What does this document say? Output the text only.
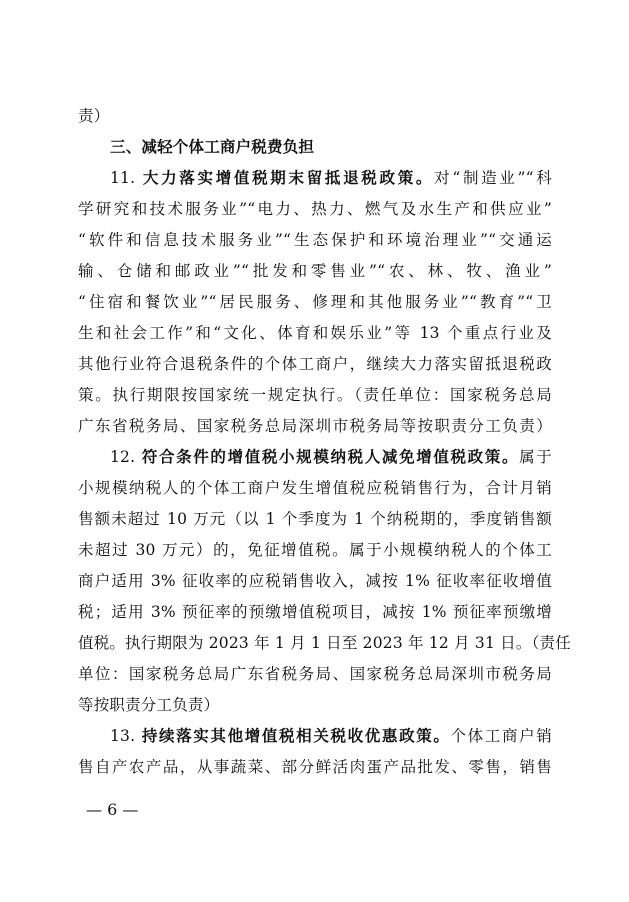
责）
三、减轻个体工商户税费负担
11. 大力落实增值税期末留抵退税政策。对“制造业”“科
学研究和技术服务业”“电力、热力、燃气及水生产和供应业”
“软件和信息技术服务业”“生态保护和环境治理业”“交通运
输、仓储和邮政业”“批发和零售业”“农、林、牧、渔业”
“住宿和餐饮业”“居民服务、修理和其他服务业”“教育”“卫
生和社会工作”和“文化、体育和娱乐业”等 13 个重点行业及
其他行业符合退税条件的个体工商户，继续大力落实留抵退税政
策。执行期限按国家统一规定执行。（责任单位：国家税务总局
广东省税务局、国家税务总局深圳市税务局等按职责分工负责）
12. 符合条件的增值税小规模纳税人减免增值税政策。属于
小规模纳税人的个体工商户发生增值税应税销售行为，合计月销
售额未超过 10 万元（以 1 个季度为 1 个纳税期的，季度销售额
未超过 30 万元）的，免征增值税。属于小规模纳税人的个体工
商户适用 3% 征收率的应税销售收入，减按 1% 征收率征收增值
税；适用 3% 预征率的预缴增值税项目，减按 1% 预征率预缴增
值税。执行期限为 2023 年 1 月 1 日至 2023 年 12 月 31 日。（责任
单位：国家税务总局广东省税务局、国家税务总局深圳市税务局
等按职责分工负责）
13. 持续落实其他增值税相关税收优惠政策。个体工商户销
售自产农产品，从事蔬菜、部分鲜活肉蛋产品批发、零售，销售
— 6 —
